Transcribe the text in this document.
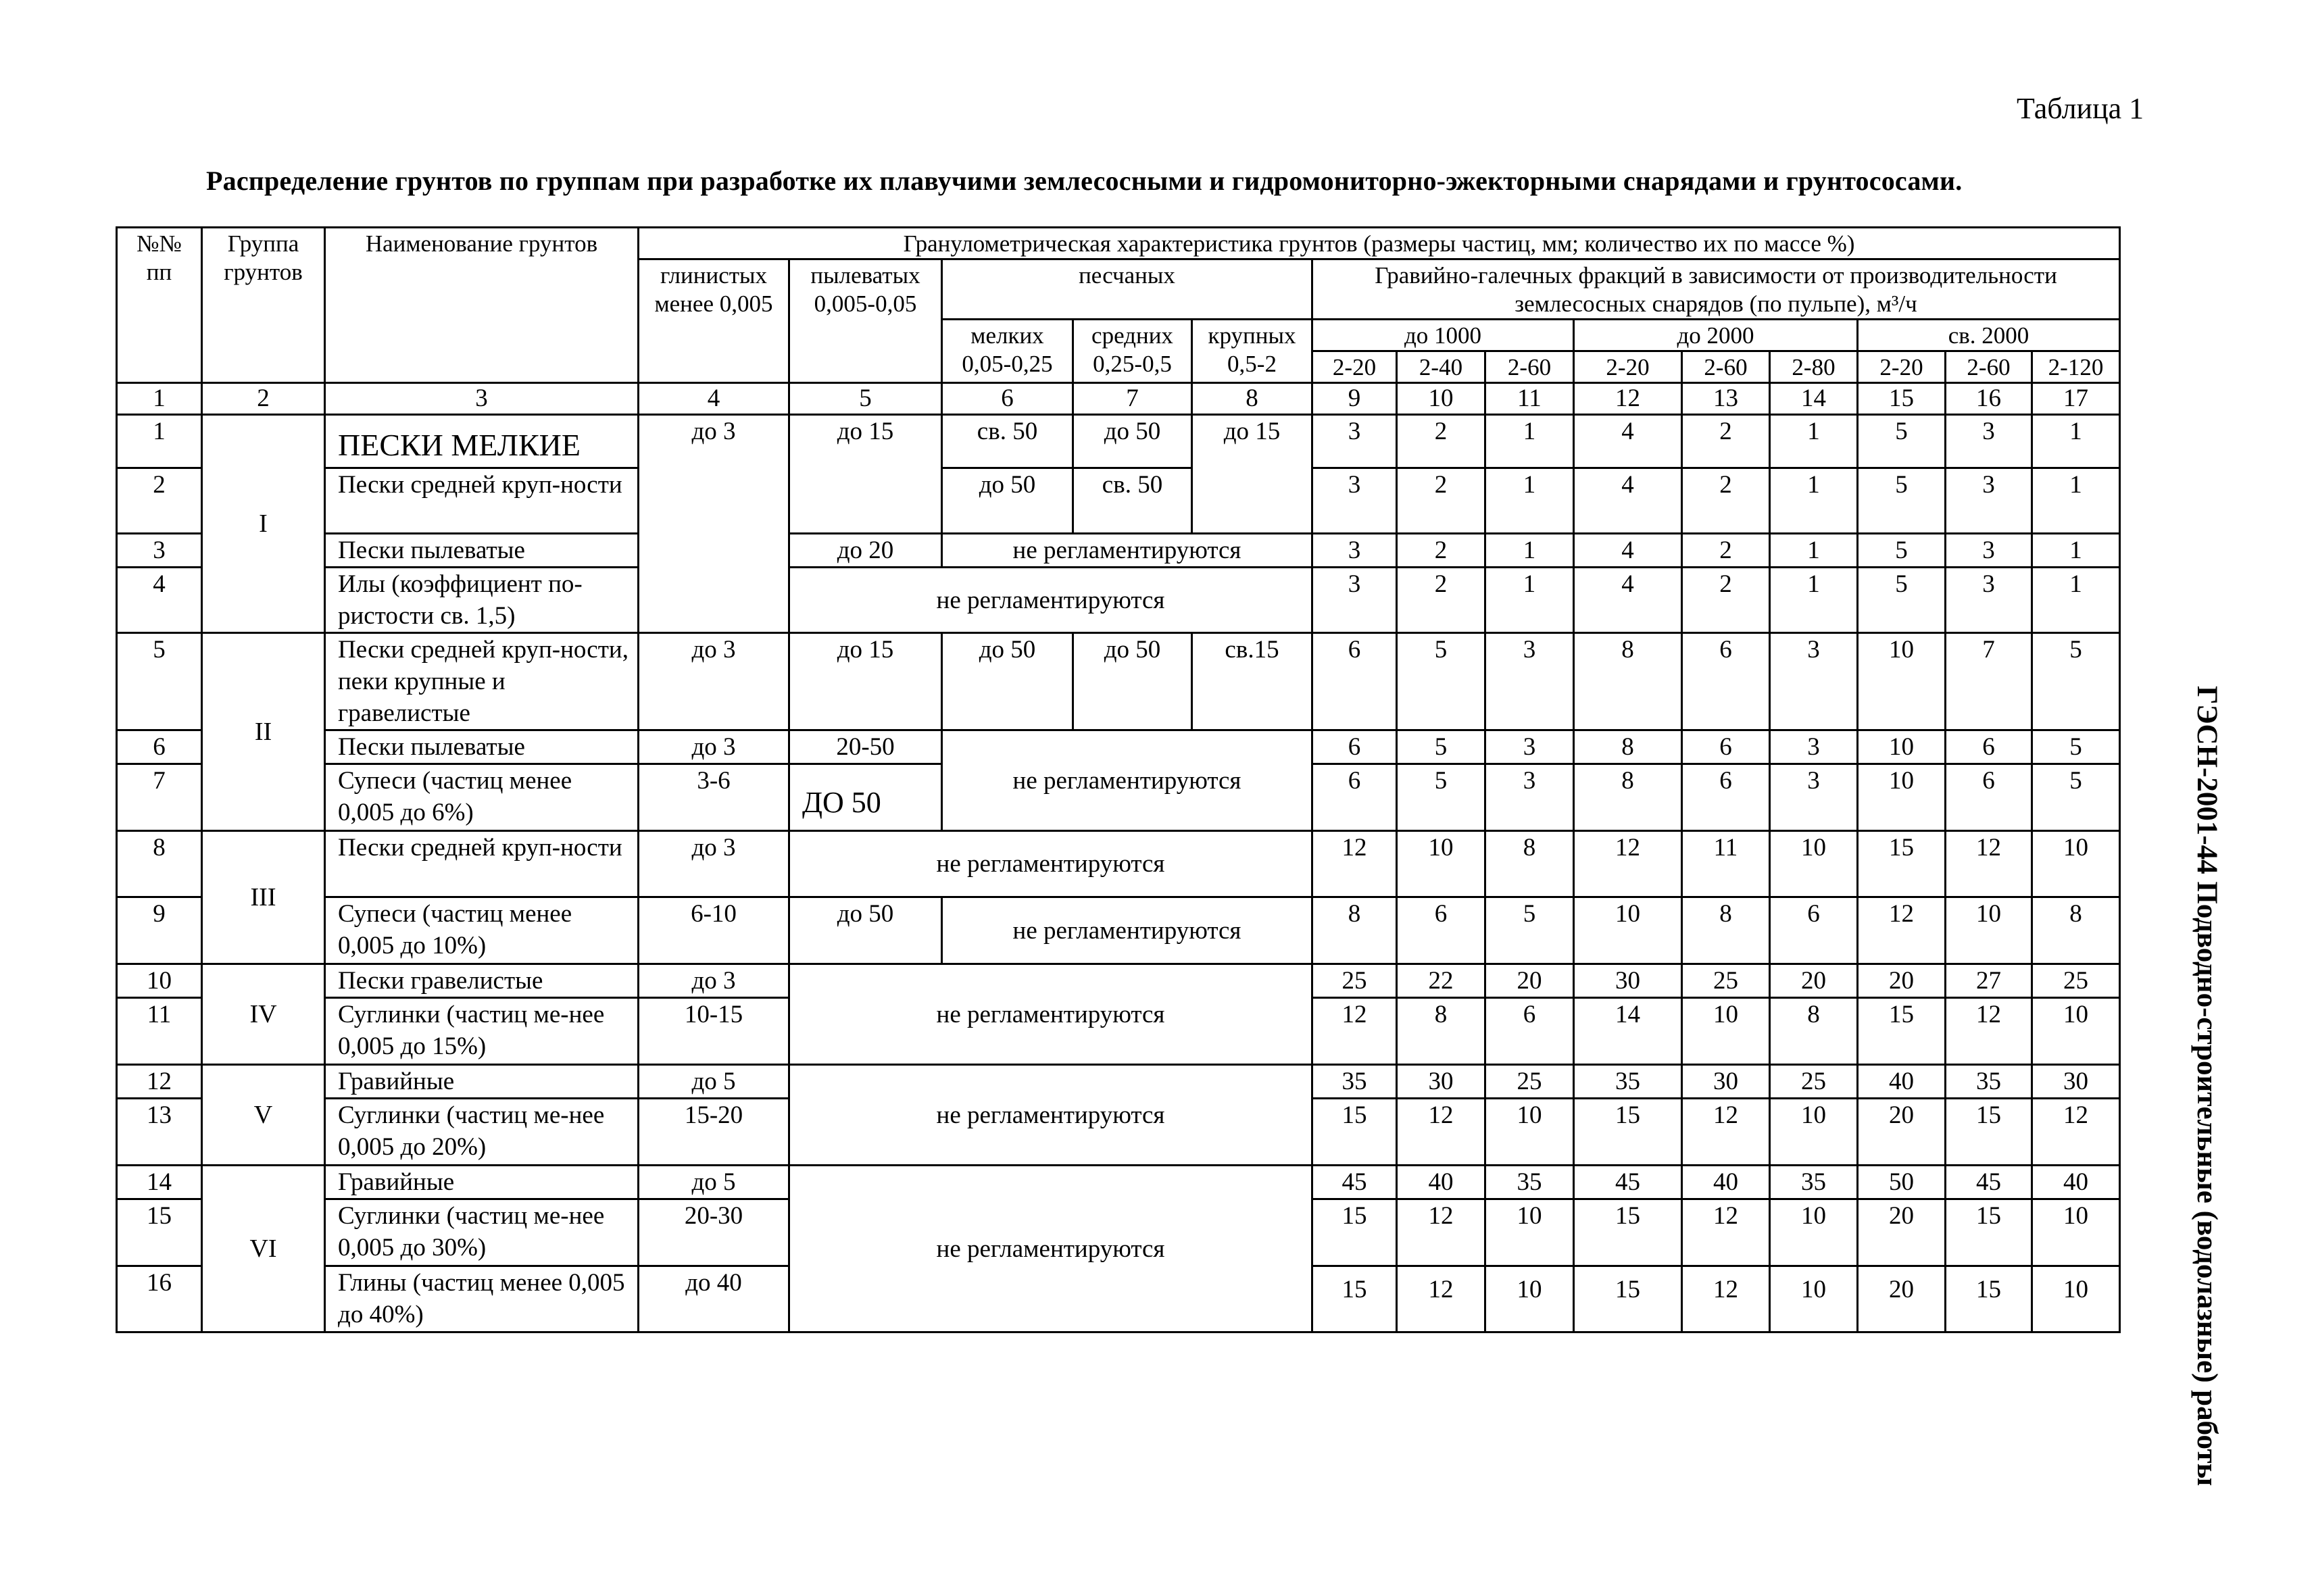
Таблица 1
Распределение грунтов по группам при разработке их плавучими землесосными и гидромониторно-эжекторными снарядами и грунтососами.
ГЭСН-2001-44 Подводно-строительные (водолазные) работы
№№ пп	Группа грунтов	Наименование грунтов	Гранулометрическая характеристика грунтов (размеры частиц, мм; количество их по массе %)													
			глинистых менее 0,005	пылеватых 0,005-0,05	песчаных			Гравийно-галечных фракций в зависимости от производительности землесосных снарядов (по пульпе), м³/ч								
					мелких 0,05-0,25	средних 0,25-0,5	крупных 0,5-2	до 1000			до 2000			св. 2000		
								2-20	2-40	2-60	2-20	2-60	2-80	2-20	2-60	2-120
1	2	3	4	5	6	7	8	9	10	11	12	13	14	15	16	17
1	I	ПЕСКИ МЕЛКИЕ	до 3	до 15	св. 50	до 50	до 15	3	2	1	4	2	1	5	3	1
2		Пески средней круп-ности			до 50	св. 50		3	2	1	4	2	1	5	3	1
3		Пески пылеватые		до 20	не регламентируются			3	2	1	4	2	1	5	3	1
4		Илы (коэффициент по-ристости св. 1,5)		не регламентируются				3	2	1	4	2	1	5	3	1
5	II	Пески средней круп-ности, пеки крупные и гравелистые	до 3	до 15	до 50	до 50	св.15	6	5	3	8	6	3	10	7	5
6		Пески пылеватые	до 3	20-50	не регламентируются			6	5	3	8	6	3	10	6	5
7		Супеси (частиц менее 0,005 до 6%)	3-6	ДО 50				6	5	3	8	6	3	10	6	5
8	III	Пески средней круп-ности	до 3	не регламентируются				12	10	8	12	11	10	15	12	10
9		Супеси (частиц менее 0,005 до 10%)	6-10	до 50	не регламентируются			8	6	5	10	8	6	12	10	8
10	IV	Пески гравелистые	до 3	не регламентируются				25	22	20	30	25	20	20	27	25
11		Суглинки (частиц ме-нее 0,005 до 15%)	10-15					12	8	6	14	10	8	15	12	10
12	V	Гравийные	до 5	не регламентируются				35	30	25	35	30	25	40	35	30
13		Суглинки (частиц ме-нее 0,005 до 20%)	15-20					15	12	10	15	12	10	20	15	12
14	VI	Гравийные	до 5	не регламентируются				45	40	35	45	40	35	50	45	40
15		Суглинки (частиц ме-нее 0,005 до 30%)	20-30					15	12	10	15	12	10	20	15	10
16		Глины (частиц менее 0,005 до 40%)	до 40					15	12	10	15	12	10	20	15	10
